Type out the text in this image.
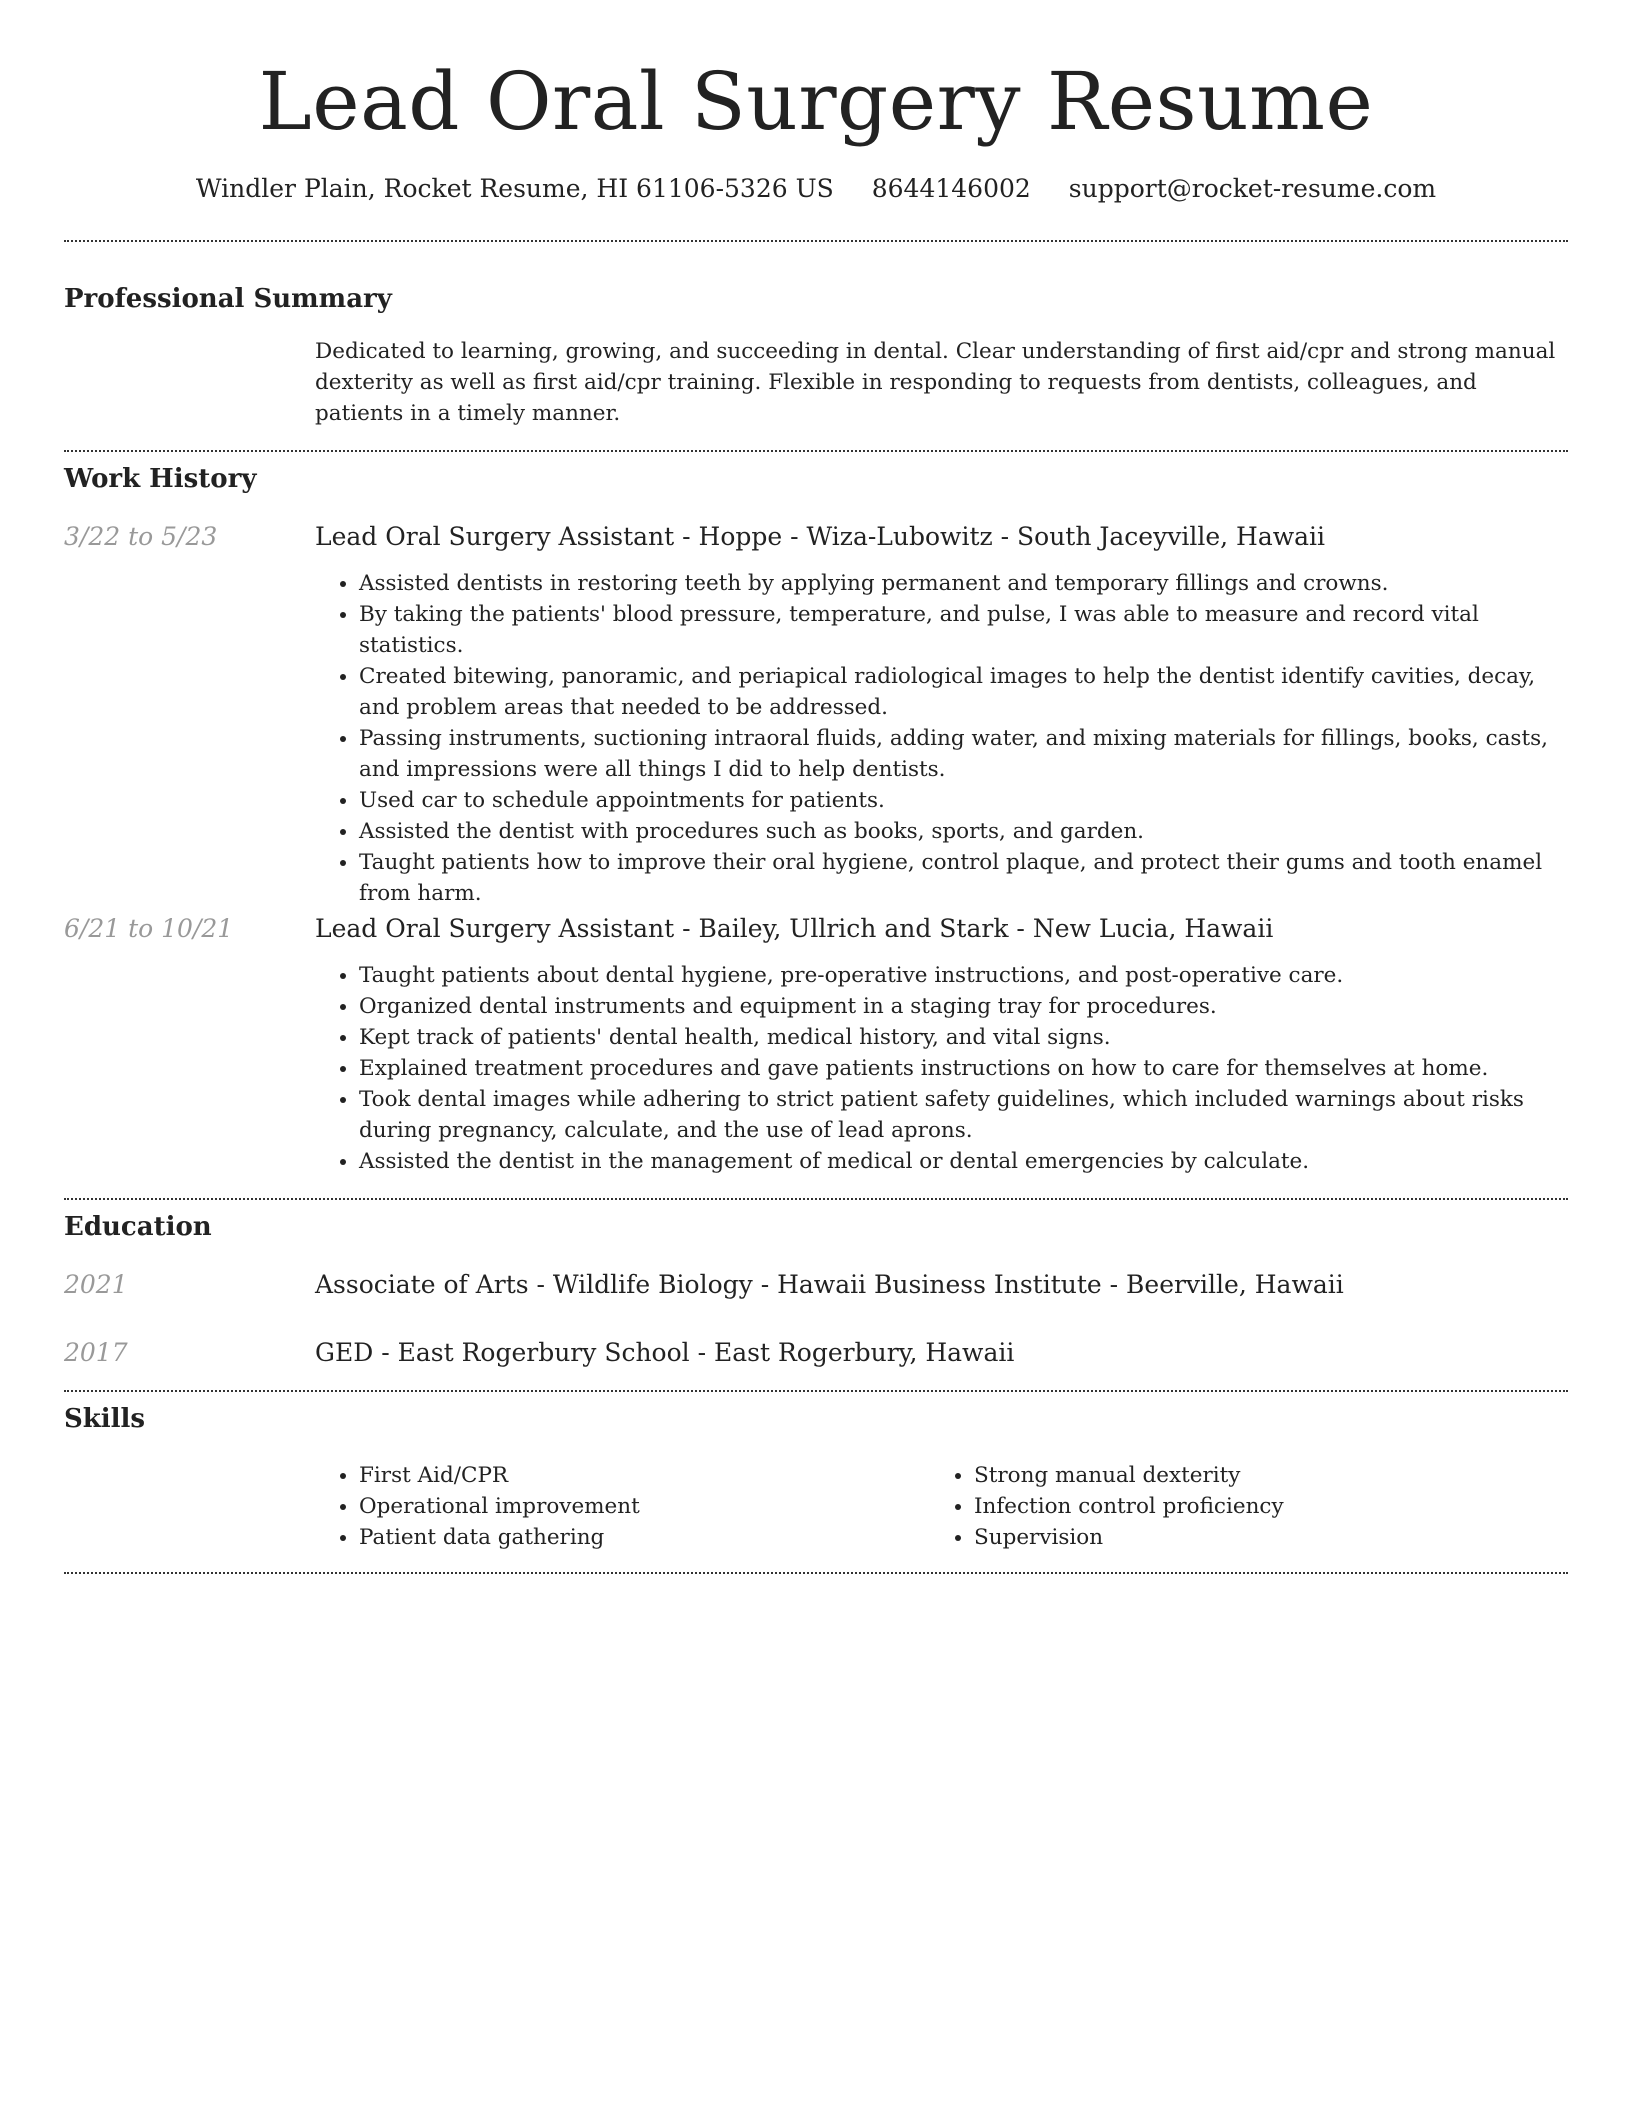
Lead Oral Surgery Resume
Windler Plain, Rocket Resume, HI 61106-5326 US 8644146002 support@rocket-resume.com
Professional Summary

Dedicated to learning, growing, and succeeding in dental. Clear understanding of first aid/cpr and strong manual dexterity as well as first aid/cpr training. Flexible in responding to requests from dentists, colleagues, and patients in a timely manner.

Work History
3/22 to 5/23	Lead Oral Surgery Assistant - Hoppe - Wiza-Lubowitz - South Jaceyville, Hawaii
• Assisted dentists in restoring teeth by applying permanent and temporary fillings and crowns.
• By taking the patients' blood pressure, temperature, and pulse, I was able to measure and record vital statistics.
• Created bitewing, panoramic, and periapical radiological images to help the dentist identify cavities, decay, and problem areas that needed to be addressed.
• Passing instruments, suctioning intraoral fluids, adding water, and mixing materials for fillings, books, casts, and impressions were all things I did to help dentists.
• Used car to schedule appointments for patients.
• Assisted the dentist with procedures such as books, sports, and garden.
• Taught patients how to improve their oral hygiene, control plaque, and protect their gums and tooth enamel from harm.
6/21 to 10/21	Lead Oral Surgery Assistant - Bailey, Ullrich and Stark - New Lucia, Hawaii
• Taught patients about dental hygiene, pre-operative instructions, and post-operative care.
• Organized dental instruments and equipment in a staging tray for procedures.
• Kept track of patients' dental health, medical history, and vital signs.
• Explained treatment procedures and gave patients instructions on how to care for themselves at home.
• Took dental images while adhering to strict patient safety guidelines, which included warnings about risks during pregnancy, calculate, and the use of lead aprons.
• Assisted the dentist in the management of medical or dental emergencies by calculate.
Education
2021	Associate of Arts - Wildlife Biology - Hawaii Business Institute - Beerville, Hawaii
2017	GED - East Rogerbury School - East Rogerbury, Hawaii
Skills
• First Aid/CPR
• Operational improvement
• Patient data gathering
• Strong manual dexterity
• Infection control proficiency
• Supervision
